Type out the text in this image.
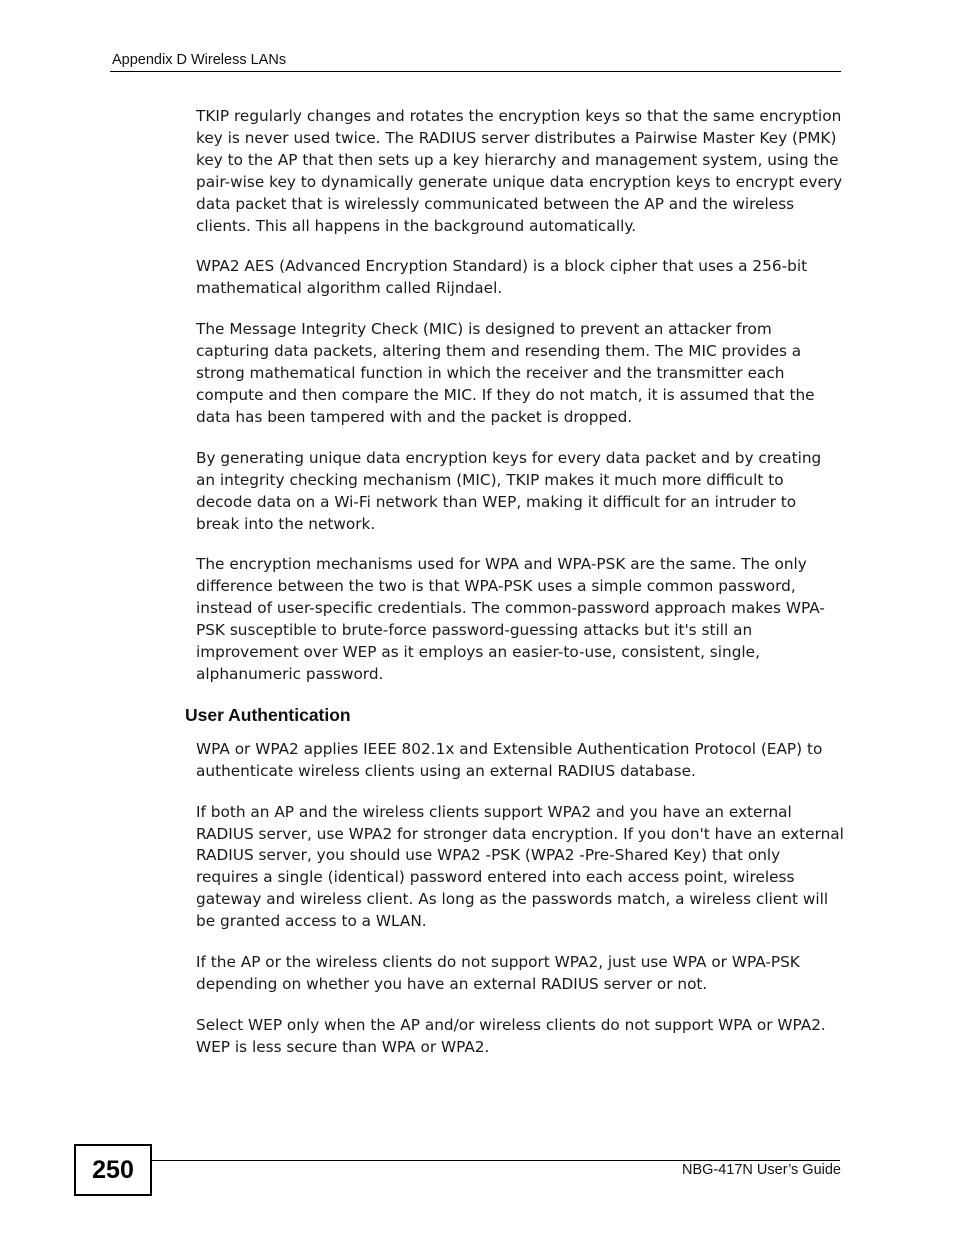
Appendix D Wireless LANs

TKIP regularly changes and rotates the encryption keys so that the same encryption key is never used twice. The RADIUS server distributes a Pairwise Master Key (PMK) key to the AP that then sets up a key hierarchy and management system, using the pair-wise key to dynamically generate unique data encryption keys to encrypt every data packet that is wirelessly communicated between the AP and the wireless clients. This all happens in the background automatically.

WPA2 AES (Advanced Encryption Standard) is a block cipher that uses a 256-bit mathematical algorithm called Rijndael.

The Message Integrity Check (MIC) is designed to prevent an attacker from capturing data packets, altering them and resending them. The MIC provides a strong mathematical function in which the receiver and the transmitter each compute and then compare the MIC. If they do not match, it is assumed that the data has been tampered with and the packet is dropped.

By generating unique data encryption keys for every data packet and by creating an integrity checking mechanism (MIC), TKIP makes it much more difficult to decode data on a Wi-Fi network than WEP, making it difficult for an intruder to break into the network.

The encryption mechanisms used for WPA and WPA-PSK are the same. The only difference between the two is that WPA-PSK uses a simple common password, instead of user-specific credentials. The common-password approach makes WPA-PSK susceptible to brute-force password-guessing attacks but it's still an improvement over WEP as it employs an easier-to-use, consistent, single, alphanumeric password.

User Authentication

WPA or WPA2 applies IEEE 802.1x and Extensible Authentication Protocol (EAP) to authenticate wireless clients using an external RADIUS database.

If both an AP and the wireless clients support WPA2 and you have an external RADIUS server, use WPA2 for stronger data encryption. If you don't have an external RADIUS server, you should use WPA2 -PSK (WPA2 -Pre-Shared Key) that only requires a single (identical) password entered into each access point, wireless gateway and wireless client. As long as the passwords match, a wireless client will be granted access to a WLAN.

If the AP or the wireless clients do not support WPA2, just use WPA or WPA-PSK depending on whether you have an external RADIUS server or not.

Select WEP only when the AP and/or wireless clients do not support WPA or WPA2. WEP is less secure than WPA or WPA2.

250	NBG-417N User’s Guide
